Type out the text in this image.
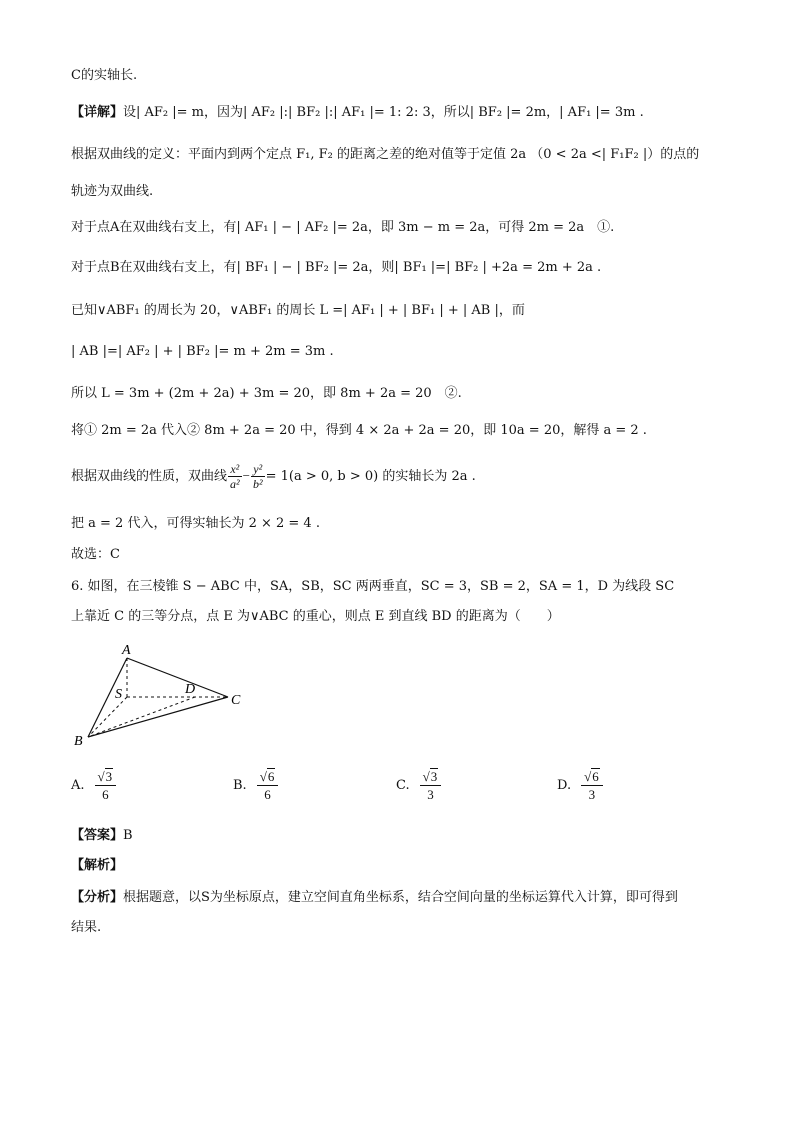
C的实轴长.
【详解】设| AF₂ |= m，因为| AF₂ |:| BF₂ |:| AF₁ |= 1: 2: 3，所以| BF₂ |= 2m，| AF₁ |= 3m .
根据双曲线的定义：平面内到两个定点 F₁, F₂ 的距离之差的绝对值等于定值 2a （0 < 2a <| F₁F₂ |）的点的
轨迹为双曲线.
对于点A在双曲线右支上，有| AF₁ | − | AF₂ |= 2a，即 3m − m = 2a，可得 2m = 2a　①.
对于点B在双曲线右支上，有| BF₁ | − | BF₂ |= 2a，则| BF₁ |=| BF₂ | +2a = 2m + 2a .
已知∨ABF₁ 的周长为 20，∨ABF₁ 的周长 L =| AF₁ | + | BF₁ | + | AB |，而
| AB |=| AF₂ | + | BF₂ |= m + 2m = 3m .
所以 L = 3m + (2m + 2a) + 3m = 20，即 8m + 2a = 20　②.
将① 2m = 2a 代入② 8m + 2a = 20 中，得到 4 × 2a + 2a = 20，即 10a = 20，解得 a = 2 .
根据双曲线的性质，双曲线 $\frac{\text{x²}}{\text{a²}} - \frac{\text{y²}}{\text{b²}} = 1(a > 0$, b > 0) 的实轴长为 2a .
把 a = 2 代入，可得实轴长为 2 × 2 = 4 .
故选：C
6. 如图，在三棱锥 S − ABC 中，SA，SB，SC 两两垂直，SC = 3，SB = 2，SA = 1，D 为线段 SC
上靠近 C 的三等分点，点 E 为∨ABC 的重心，则点 E 到直线 BD 的距离为（　　）
A
S	D
C
B
A. $\frac{√3}{6}$	B. $\frac{√6}{6}$	C. $\frac{√3}{3}$	D. $\frac{√6}{3}$
【答案】B
【解析】
【分析】根据题意，以S为坐标原点，建立空间直角坐标系，结合空间向量的坐标运算代入计算，即可得到
结果.
